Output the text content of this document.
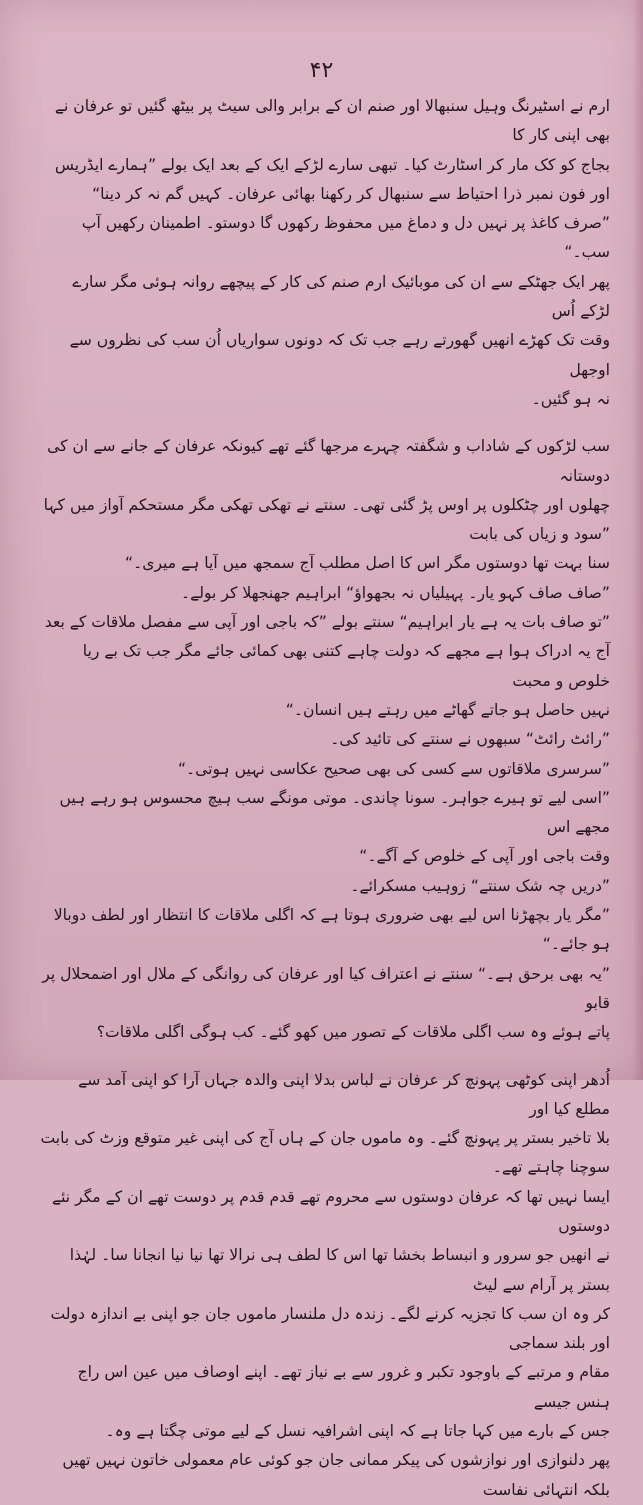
۴۲

ارم نے اسٹیرنگ وہیل سنبھالا اور صنم ان کے برابر والی سیٹ پر بیٹھ گئیں تو عرفان نے بھی اپنی کار کا

بجاج کو کک مار کر اسٹارٹ کیا۔ تبھی سارے لڑکے ایک کے بعد ایک بولے ”ہمارے ایڈریس

اور فون نمبر ذرا احتیاط سے سنبھال کر رکھنا بھائی عرفان۔ کہیں گم نہ کر دینا“

”صرف کاغذ پر نہیں دل و دماغ میں محفوظ رکھوں گا دوستو۔ اطمینان رکھیں آپ سب۔“

پھر ایک جھٹکے سے ان کی موبائیک ارم صنم کی کار کے پیچھے روانہ ہوئی مگر سارے لڑکے اُس

وقت تک کھڑے انھیں گھورتے رہے جب تک کہ دونوں سواریاں اُن سب کی نظروں سے اوجھل

نہ ہو گئیں۔

سب لڑکوں کے شاداب و شگفتہ چہرے مرجھا گئے تھے کیونکہ عرفان کے جانے سے ان کی دوستانہ

چھلوں اور چٹکلوں پر اوس پڑ گئی تھی۔ سنتے نے تھکی تھکی مگر مستحکم آواز میں کہا ”سود و زیاں کی بابت

سنا بہت تھا دوستوں مگر اس کا اصل مطلب آج سمجھ میں آیا ہے میری۔“

”صاف صاف کہو یار۔ پہیلیاں نہ بجھواؤ“ ابراہیم جھنجھلا کر بولے۔

”تو صاف بات یہ ہے یار ابراہیم“ سنتے بولے ”کہ باجی اور آپی سے مفصل ملاقات کے بعد

آج یہ ادراک ہوا ہے مجھے کہ دولت چاہے کتنی بھی کمائی جائے مگر جب تک بے ریا خلوص و محبت

نہیں حاصل ہو جاتے گھاٹے میں رہتے ہیں انسان۔“

”رائٹ رائٹ“ سبھوں نے سنتے کی تائید کی۔

”سرسری ملاقاتوں سے کسی کی بھی صحیح عکاسی نہیں ہوتی۔“

”اسی لیے تو ہیرے جواہر۔ سونا چاندی۔ موتی مونگے سب ہیچ محسوس ہو رہے ہیں مجھے اس

وقت باجی اور آپی کے خلوص کے آگے۔“

”دریں چہ شک سنتے“ زوہیب مسکرائے۔

”مگر یار بچھڑنا اس لیے بھی ضروری ہوتا ہے کہ اگلی ملاقات کا انتظار اور لطف دوبالا ہو جائے۔“

”یہ بھی برحق ہے۔“ سنتے نے اعتراف کیا اور عرفان کی روانگی کے ملال اور اضمحلال پر قابو

پاتے ہوئے وہ سب اگلی ملاقات کے تصور میں کھو گئے۔ کب ہوگی اگلی ملاقات؟

اُدھر اپنی کوٹھی پہونچ کر عرفان نے لباس بدلا اپنی والدہ جہاں آرا کو اپنی آمد سے مطلع کیا اور

بلا تاخیر بستر پر پہونچ گئے۔ وہ ماموں جان کے ہاں آج کی اپنی غیر متوقع وزٹ کی بابت سوچنا چاہتے تھے۔

ایسا نہیں تھا کہ عرفان دوستوں سے محروم تھے قدم قدم پر دوست تھے ان کے مگر نئے دوستوں

نے انھیں جو سرور و انبساط بخشا تھا اس کا لطف ہی نرالا تھا نیا نیا انجانا سا۔ لہٰذا بستر پر آرام سے لیٹ

کر وہ ان سب کا تجزیہ کرنے لگے۔ زندہ دل ملنسار ماموں جان جو اپنی بے اندازہ دولت اور بلند سماجی

مقام و مرتبے کے باوجود تکبر و غرور سے بے نیاز تھے۔ اپنے اوصاف میں عین اس راج ہنس جیسے

جس کے بارے میں کہا جاتا ہے کہ اپنی اشرافیہ نسل کے لیے موتی چگتا ہے وہ۔

پھر دلنوازی اور نوازشوں کی پیکر ممانی جان جو کوئی عام معمولی خاتون نہیں تھیں بلکہ انتہائی نفاست
